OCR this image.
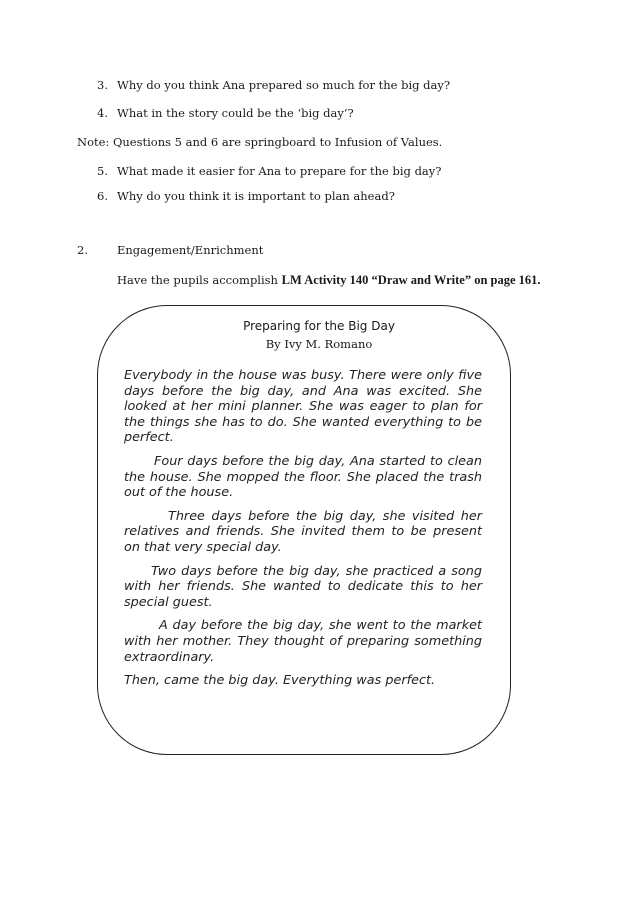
3. Why do you think Ana prepared so much for the big day?
4. What in the story could be the ‘big day’?
Note: Questions 5 and 6 are springboard to Infusion of Values.
5. What made it easier for Ana to prepare for the big day?
6. Why do you think it is important to plan ahead?
2.	Engagement/Enrichment
Have the pupils accomplish LM Activity 140 “Draw and Write” on page 161.
Preparing for the Big Day
By Ivy M. Romano

Everybody in the house was busy. There were only five days before the big day, and Ana was excited. She looked at her mini planner. She was eager to plan for the things she has to do. She wanted everything to be perfect.

Four days before the big day, Ana started to clean the house. She mopped the floor. She placed the trash out of the house.

Three days before the big day, she visited her relatives and friends. She invited them to be present on that very special day.

Two days before the big day, she practiced a song with her friends. She wanted to dedicate this to her special guest.

A day before the big day, she went to the market with her mother. They thought of preparing something extraordinary.

Then, came the big day. Everything was perfect.
